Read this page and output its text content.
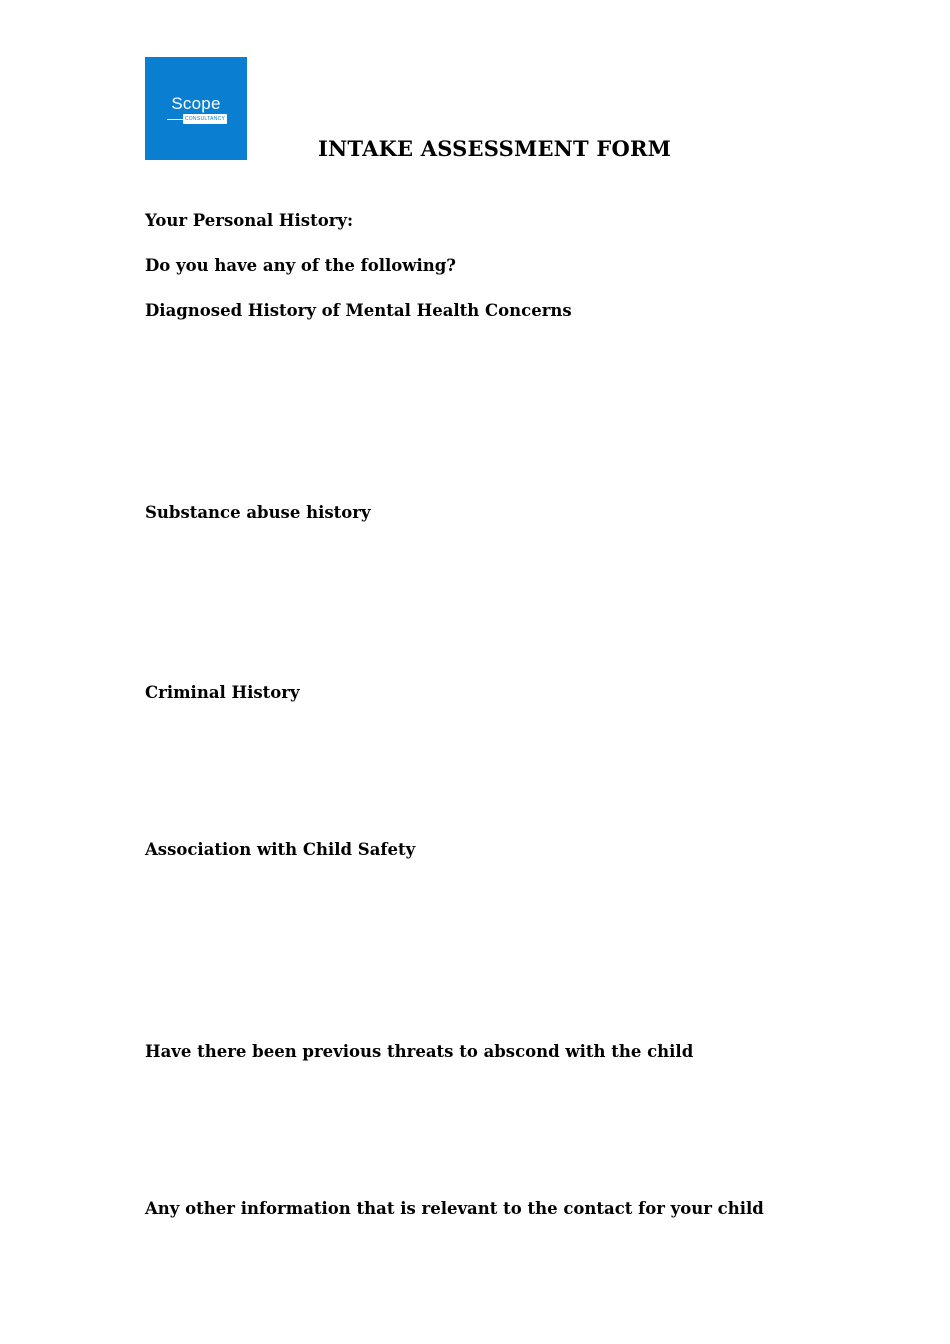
Scope
CONSULTANCY
INTAKE ASSESSMENT FORM

Your Personal History:

Do you have any of the following?

Diagnosed History of Mental Health Concerns

Substance abuse history

Criminal History

Association with Child Safety

Have there been previous threats to abscond with the child

Any other information that is relevant to the contact for your child
